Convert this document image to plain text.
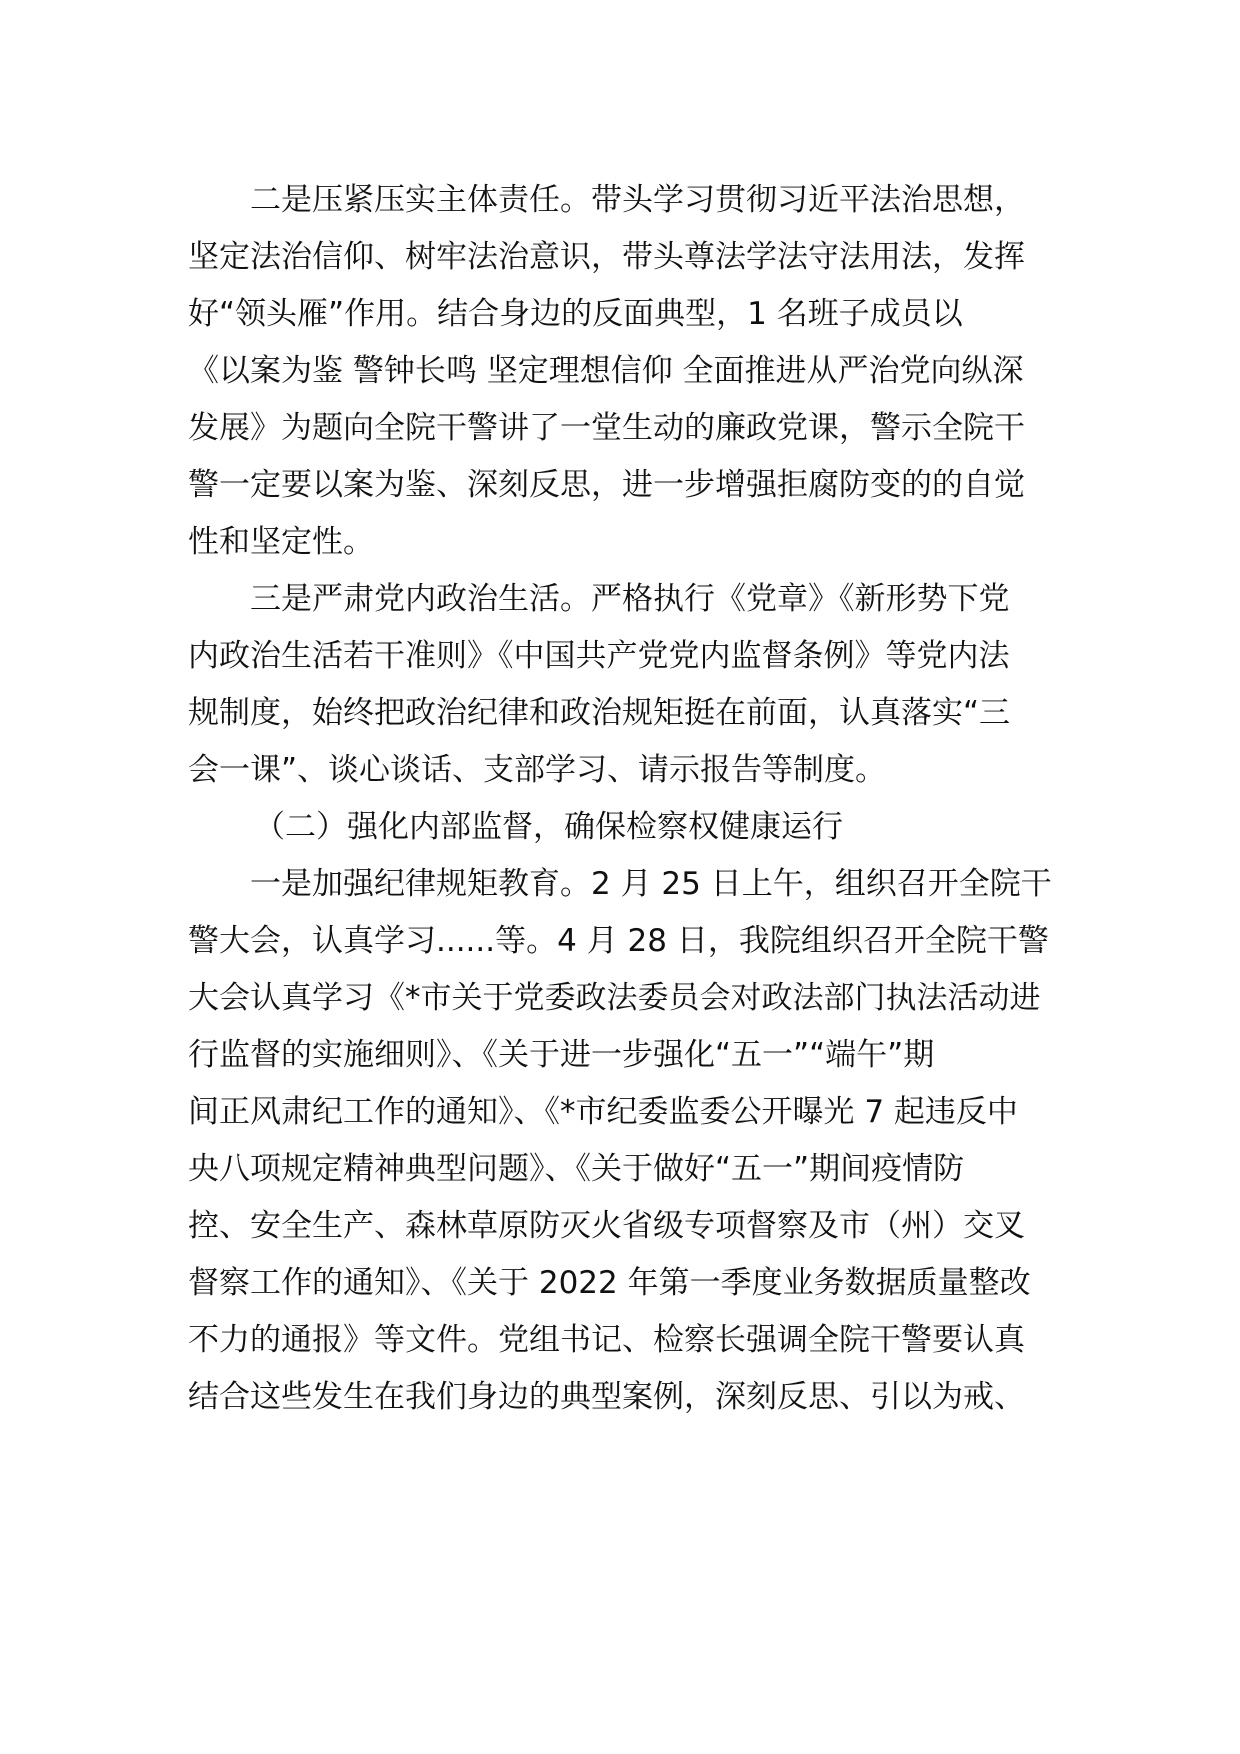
二是压紧压实主体责任。带头学习贯彻习近平法治思想，
坚定法治信仰、树牢法治意识，带头尊法学法守法用法，发挥
好“领头雁”作用。结合身边的反面典型，1 名班子成员以
《以案为鉴 警钟长鸣 坚定理想信仰 全面推进从严治党向纵深
发展》为题向全院干警讲了一堂生动的廉政党课，警示全院干
警一定要以案为鉴、深刻反思，进一步增强拒腐防变的的自觉
性和坚定性。
三是严肃党内政治生活。严格执行《党章》《新形势下党
内政治生活若干准则》《中国共产党党内监督条例》等党内法
规制度，始终把政治纪律和政治规矩挺在前面，认真落实“三
会一课”、谈心谈话、支部学习、请示报告等制度。
（二）强化内部监督，确保检察权健康运行
一是加强纪律规矩教育。2 月 25 日上午，组织召开全院干
警大会，认真学习......等。4 月 28 日，我院组织召开全院干警
大会认真学习《*市关于党委政法委员会对政法部门执法活动进
行监督的实施细则》、《关于进一步强化“五一”“端午”期
间正风肃纪工作的通知》、《*市纪委监委公开曝光 7 起违反中
央八项规定精神典型问题》、《关于做好“五一”期间疫情防
控、安全生产、森林草原防灭火省级专项督察及市（州）交叉
督察工作的通知》、《关于 2022 年第一季度业务数据质量整改
不力的通报》等文件。党组书记、检察长强调全院干警要认真
结合这些发生在我们身边的典型案例，深刻反思、引以为戒、
